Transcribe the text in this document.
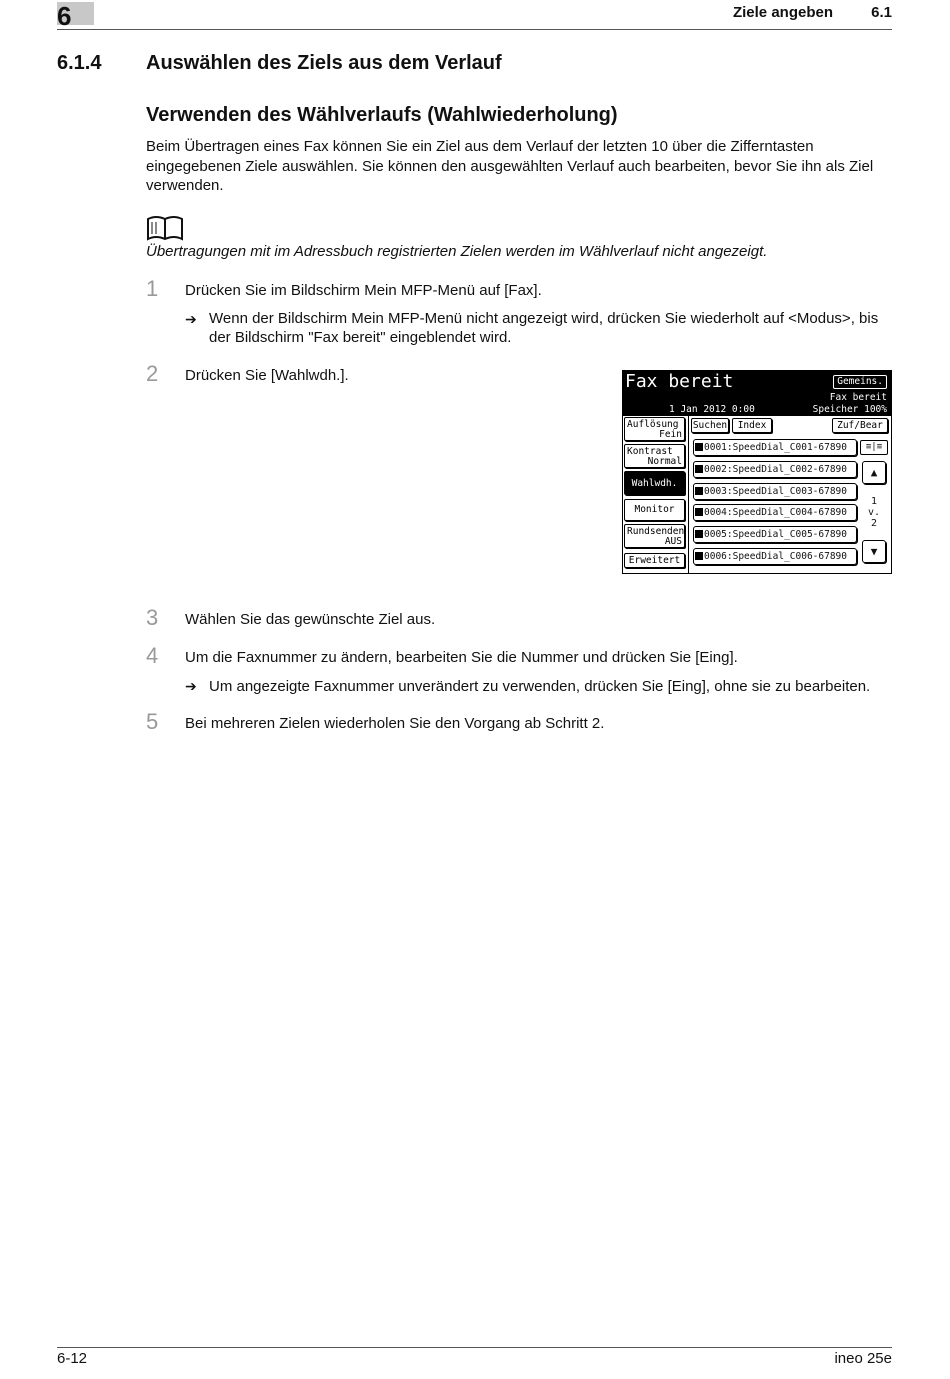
6	Ziele angeben	6.1
6.1.4 Auswählen des Ziels aus dem Verlauf
Verwenden des Wählverlaufs (Wahlwiederholung)
Beim Übertragen eines Fax können Sie ein Ziel aus dem Verlauf der letzten 10 über die Zifferntasten eingegebenen Ziele auswählen. Sie können den ausgewählten Verlauf auch bearbeiten, bevor Sie ihn als Ziel verwenden.
Übertragungen mit im Adressbuch registrierten Zielen werden im Wählverlauf nicht angezeigt.
1 Drücken Sie im Bildschirm Mein MFP-Menü auf [Fax].
➔ Wenn der Bildschirm Mein MFP-Menü nicht angezeigt wird, drücken Sie wiederholt auf <Modus>, bis der Bildschirm "Fax bereit" eingeblendet wird.
2 Drücken Sie [Wahlwdh.].	Fax bereit	Gemeins.
Fax bereit
1 Jan 2012 0:00	Speicher 100%
Auflösung
Fein
Kontrast
Normal
Wahlwdh.
Monitor
Rundsenden
AUS
Erweitert
Suchen	Index	Zuf/Bear
0001:SpeedDial_C001-67890
0002:SpeedDial_C002-67890
0003:SpeedDial_C003-67890
0004:SpeedDial_C004-67890
0005:SpeedDial_C005-67890
0006:SpeedDial_C006-67890
≡|≡
▲
1
v.
2
▼
3 Wählen Sie das gewünschte Ziel aus.
4 Um die Faxnummer zu ändern, bearbeiten Sie die Nummer und drücken Sie [Eing].
➔ Um angezeigte Faxnummer unverändert zu verwenden, drücken Sie [Eing], ohne sie zu bearbeiten.
5 Bei mehreren Zielen wiederholen Sie den Vorgang ab Schritt 2.
6-12	ineo 25e
